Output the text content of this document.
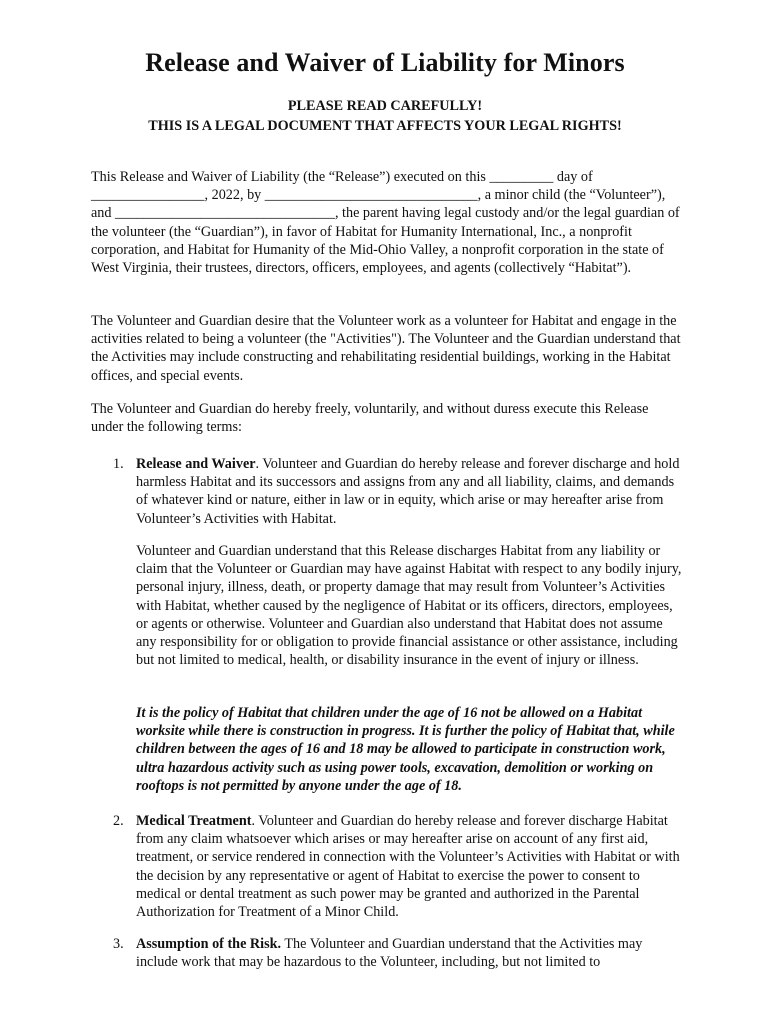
Release and Waiver of Liability for Minors
PLEASE READ CAREFULLY!
THIS IS A LEGAL DOCUMENT THAT AFFECTS YOUR LEGAL RIGHTS!
This Release and Waiver of Liability (the “Release”) executed on this _________ day of ________________, 2022, by ______________________________, a minor child (the “Volunteer”), and _______________________________, the parent having legal custody and/or the legal guardian of the volunteer (the “Guardian”), in favor of Habitat for Humanity International, Inc., a nonprofit corporation, and Habitat for Humanity of the Mid-Ohio Valley, a nonprofit corporation in the state of West Virginia, their trustees, directors, officers, employees, and agents (collectively “Habitat”).
The Volunteer and Guardian desire that the Volunteer work as a volunteer for Habitat and engage in the activities related to being a volunteer (the "Activities"). The Volunteer and the Guardian understand that the Activities may include constructing and rehabilitating residential buildings, working in the Habitat offices, and special events.
The Volunteer and Guardian do hereby freely, voluntarily, and without duress execute this Release under the following terms:
1. Release and Waiver. Volunteer and Guardian do hereby release and forever discharge and hold harmless Habitat and its successors and assigns from any and all liability, claims, and demands of whatever kind or nature, either in law or in equity, which arise or may hereafter arise from Volunteer’s Activities with Habitat.
Volunteer and Guardian understand that this Release discharges Habitat from any liability or claim that the Volunteer or Guardian may have against Habitat with respect to any bodily injury, personal injury, illness, death, or property damage that may result from Volunteer’s Activities with Habitat, whether caused by the negligence of Habitat or its officers, directors, employees, or agents or otherwise. Volunteer and Guardian also understand that Habitat does not assume any responsibility for or obligation to provide financial assistance or other assistance, including but not limited to medical, health, or disability insurance in the event of injury or illness.
It is the policy of Habitat that children under the age of 16 not be allowed on a Habitat worksite while there is construction in progress. It is further the policy of Habitat that, while children between the ages of 16 and 18 may be allowed to participate in construction work, ultra hazardous activity such as using power tools, excavation, demolition or working on rooftops is not permitted by anyone under the age of 18.
2. Medical Treatment. Volunteer and Guardian do hereby release and forever discharge Habitat from any claim whatsoever which arises or may hereafter arise on account of any first aid, treatment, or service rendered in connection with the Volunteer’s Activities with Habitat or with the decision by any representative or agent of Habitat to exercise the power to consent to medical or dental treatment as such power may be granted and authorized in the Parental Authorization for Treatment of a Minor Child.
3. Assumption of the Risk. The Volunteer and Guardian understand that the Activities may include work that may be hazardous to the Volunteer, including, but not limited to
